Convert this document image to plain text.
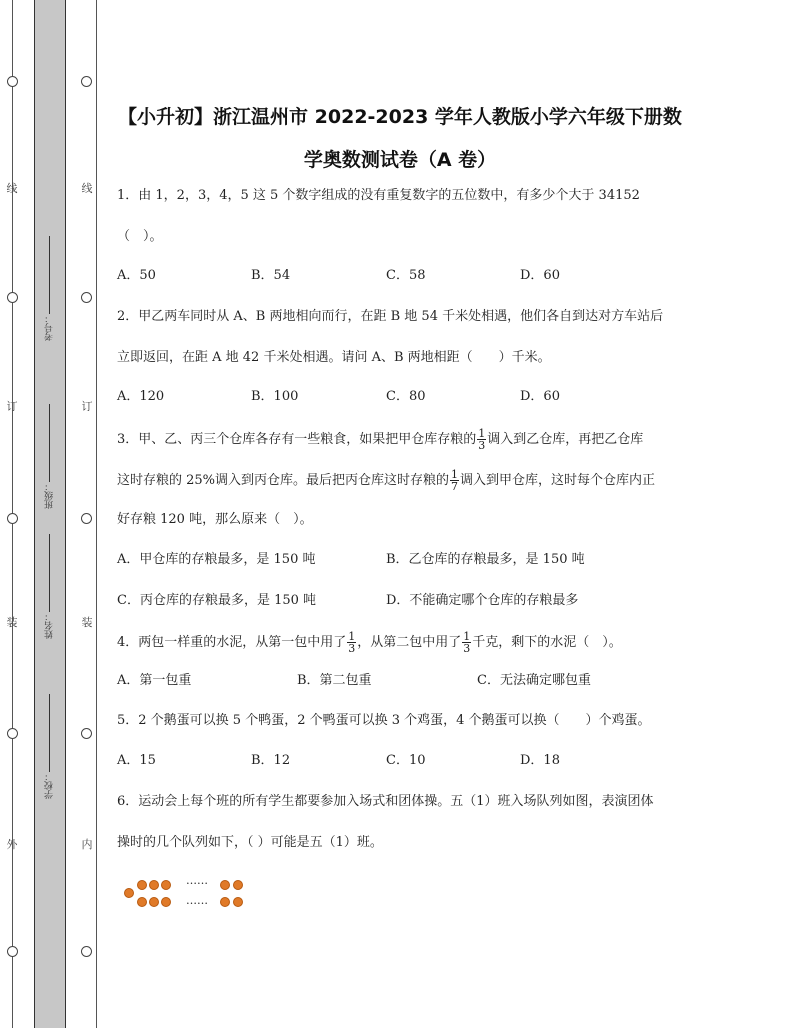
线
订
装
外
线
订
装
内
考号：
班级：
姓名：
学校：
【小升初】浙江温州市 2022-2023 学年人教版小学六年级下册数
学奥数测试卷（A 卷）
1．由 1，2，3，4，5 这 5 个数字组成的没有重复数字的五位数中，有多少个大于 34152
（　）。
A．50	B．54	C．58	D．60
2．甲乙两车同时从 A、B 两地相向而行，在距 B 地 54 千米处相遇，他们各自到达对方车站后
立即返回，在距 A 地 42 千米处相遇。请问 A、B 两地相距（　　）千米。
A．120	B．100	C．80	D．60
3．甲、乙、丙三个仓库各存有一些粮食，如果把甲仓库存粮的 $\frac{1}{3}$ 调入到乙仓库，再把乙仓库
这时存粮的 25%调入到丙仓库。最后把丙仓库这时存粮的 $\frac{1}{7}$ 调入到甲仓库，这时每个仓库内正
好存粮 120 吨，那么原来（　）。
A．甲仓库的存粮最多，是 150 吨	B．乙仓库的存粮最多，是 150 吨
C．丙仓库的存粮最多，是 150 吨	D．不能确定哪个仓库的存粮最多
4．两包一样重的水泥，从第一包中用了 $\frac{1}{3}$ ，从第二包中用了 $\frac{1}{3}$ 千克，剩下的水泥（　）。
A．第一包重	B．第二包重	C．无法确定哪包重
5．2 个鹅蛋可以换 5 个鸭蛋，2 个鸭蛋可以换 3 个鸡蛋，4 个鹅蛋可以换（　　）个鸡蛋。
A．15	B．12	C．10	D．18
6．运动会上每个班的所有学生都要参加入场式和团体操。五（1）班入场队列如图，表演团体
操时的几个队列如下，（ ）可能是五（1）班。
……
……
